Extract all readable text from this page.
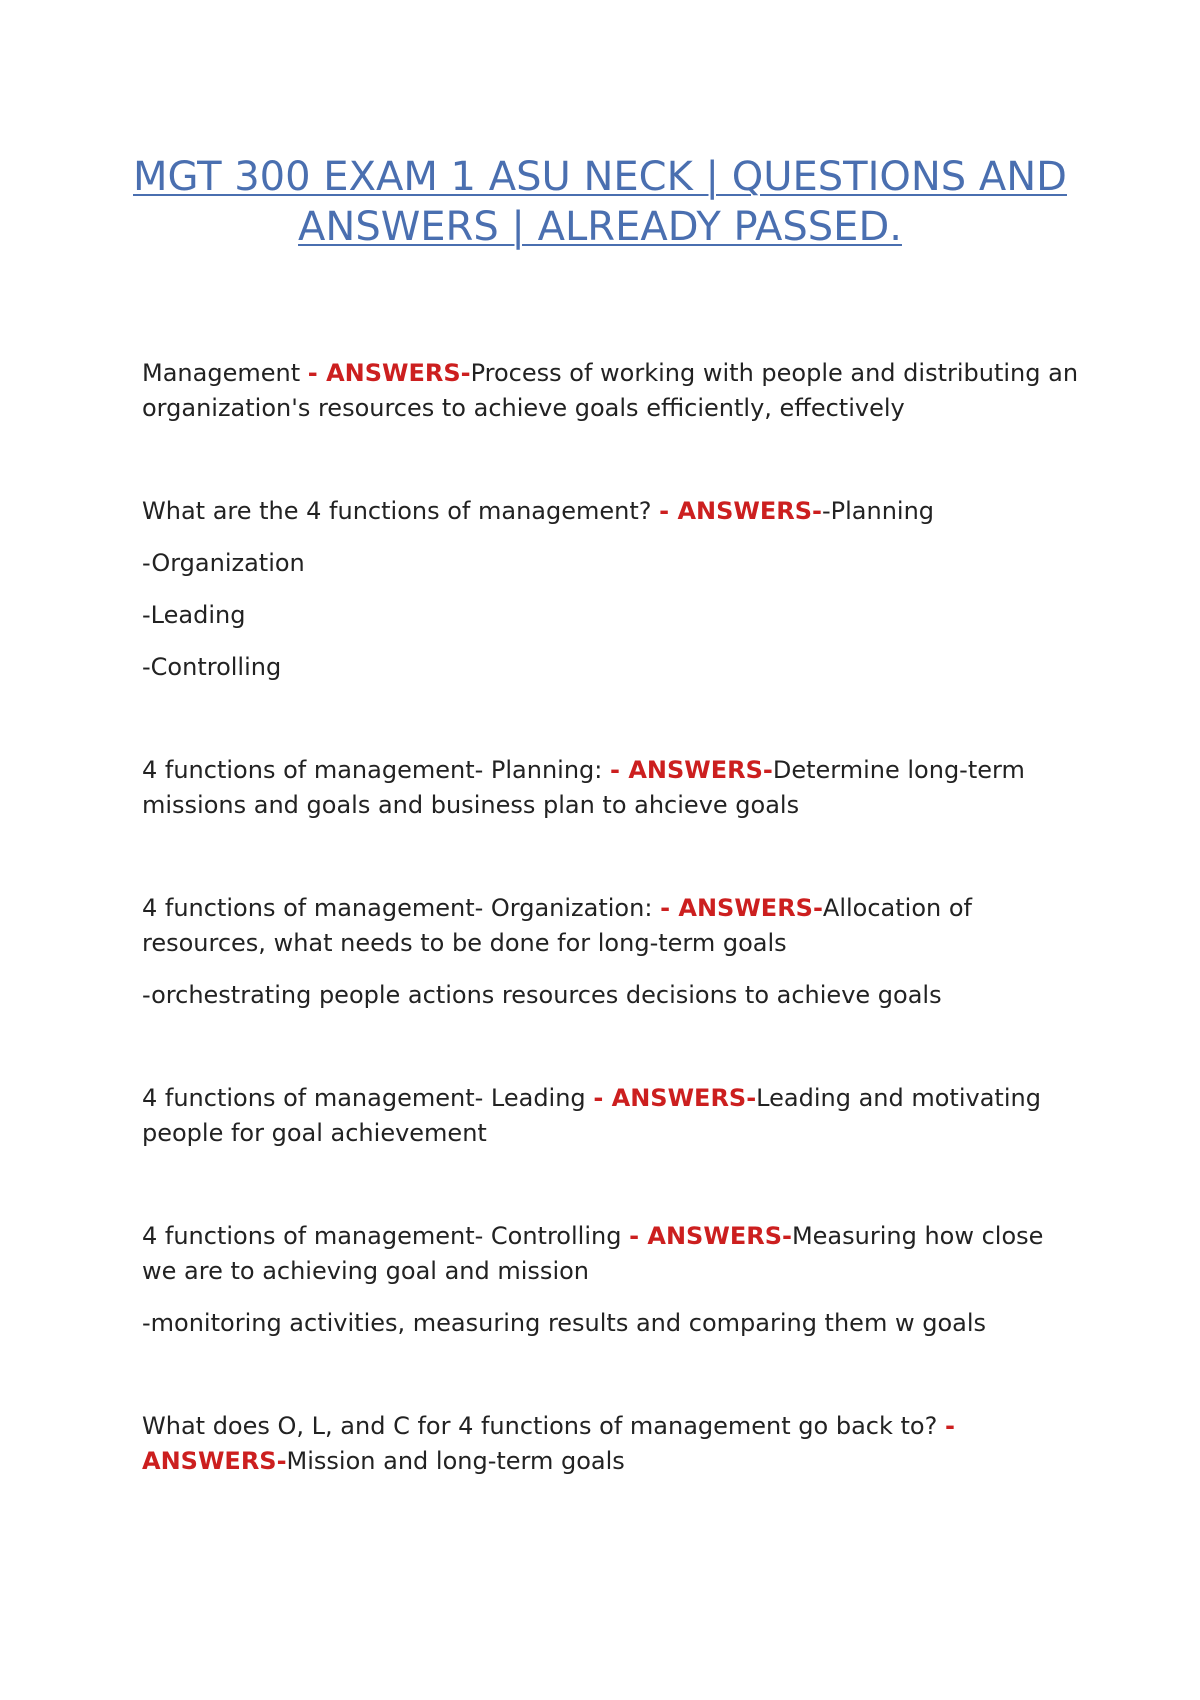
MGT 300 EXAM 1 ASU NECK | QUESTIONS AND ANSWERS | ALREADY PASSED.

Management - ANSWERS-Process of working with people and distributing an organization's resources to achieve goals efficiently, effectively

What are the 4 functions of management? - ANSWERS--Planning

-Organization

-Leading

-Controlling

4 functions of management- Planning: - ANSWERS-Determine long-term missions and goals and business plan to ahcieve goals

4 functions of management- Organization: - ANSWERS-Allocation of resources, what needs to be done for long-term goals

-orchestrating people actions resources decisions to achieve goals

4 functions of management- Leading - ANSWERS-Leading and motivating people for goal achievement

4 functions of management- Controlling - ANSWERS-Measuring how close we are to achieving goal and mission

-monitoring activities, measuring results and comparing them w goals

What does O, L, and C for 4 functions of management go back to? - ANSWERS-Mission and long-term goals
